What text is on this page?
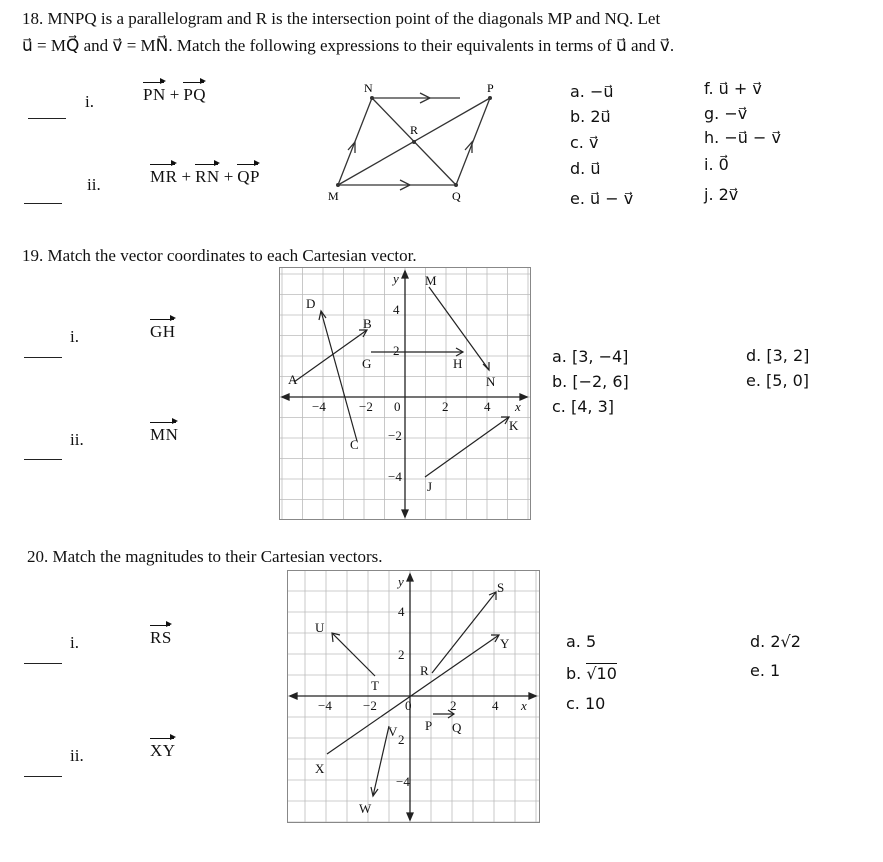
18. MNPQ is a parallelogram and R is the intersection point of the diagonals MP and NQ. Let
u⃗ = MQ⃗ and v⃗ = MN⃗. Match the following expressions to their equivalents in terms of u⃗ and v⃗.
i.	PN + PQ
ii.	MR + RN + QP
N	P
R
M	Q
a. −u⃗
b. 2u⃗
c. v⃗
d. u⃗
e. u⃗ − v⃗
f. u⃗ + v⃗
g. −v⃗
h. −u⃗ − v⃗
i. 0⃗
j. 2v⃗
19. Match the vector coordinates to each Cartesian vector.
i.	GH
ii.	MN
x
y
−4	−2 0	2	4
4
2
−2
−4
A
B
C
D
G	H
J
K
M
N
a. [3, −4]
b. [−2, 6]
c. [4, 3]
d. [3, 2]
e. [5, 0]
20. Match the magnitudes to their Cartesian vectors.
i.	RS
ii.	XY
x
y
−4 −2 0	2	4
4
2
2
−4
U
T
R
S
Y
P Q
V
X
W
a. 5
b. √10
c. 10
d. 2√2
e. 1
